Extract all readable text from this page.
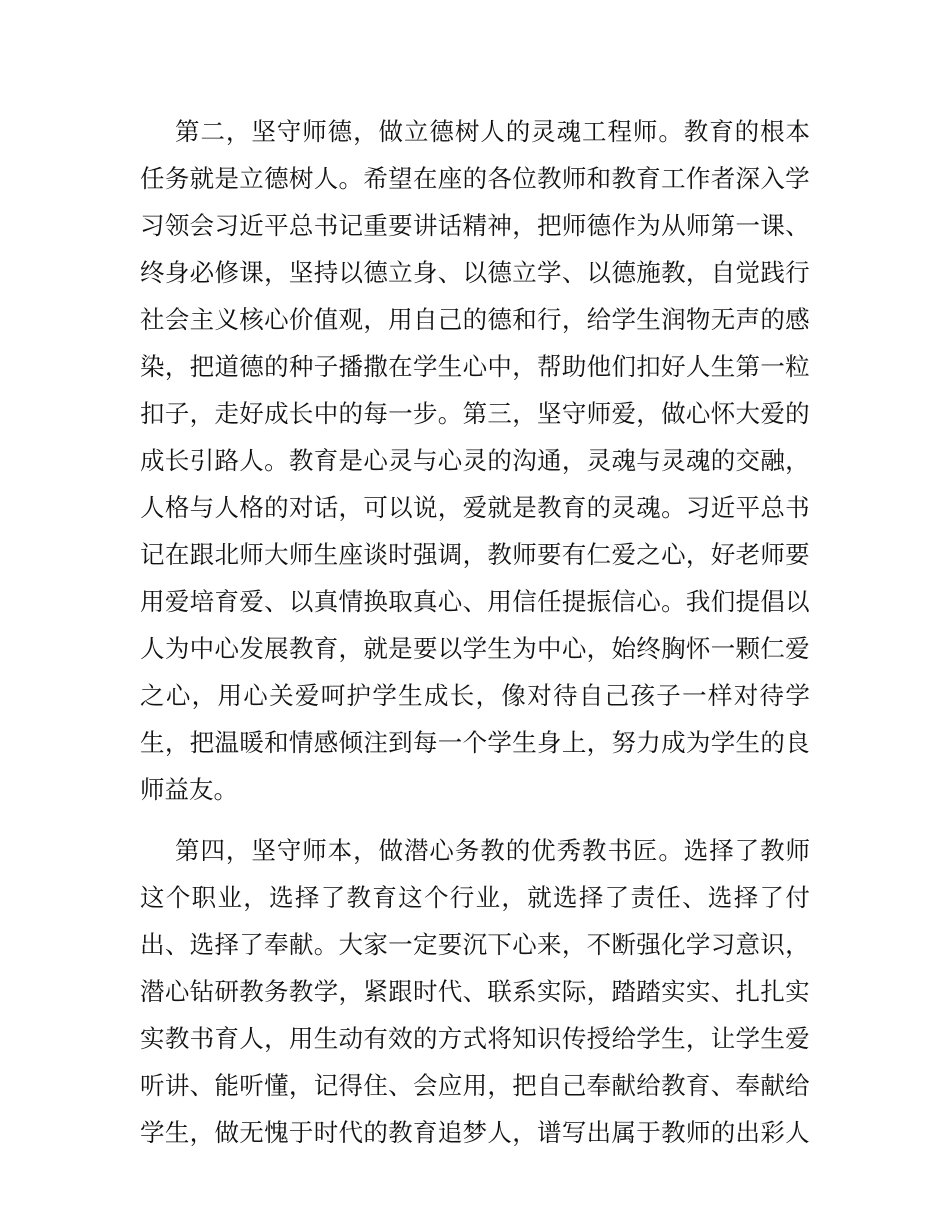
第 二 ， 坚 守 师 德 ， 做 立 德 树 人 的 灵 魂 工 程 师 。 教 育 的 根 本
任 务 就 是 立 德 树 人 。 希 望 在 座 的 各 位 教 师 和 教 育 工 作 者 深 入 学
习 领 会 习 近 平 总 书 记 重 要 讲 话 精 神 ， 把 师 德 作 为 从 师 第 一 课 、
终 身 必 修 课 ， 坚 持 以 德 立 身 、 以 德 立 学 、 以 德 施 教 ， 自 觉 践 行
社 会 主 义 核 心 价 值 观 ， 用 自 己 的 德 和 行 ， 给 学 生 润 物 无 声 的 感
染 ， 把 道 德 的 种 子 播 撒 在 学 生 心 中 ， 帮 助 他 们 扣 好 人 生 第 一 粒
扣 子 ， 走 好 成 长 中 的 每 一 步 。 第 三 ， 坚 守 师 爱 ， 做 心 怀 大 爱 的
成 长 引 路 人 。 教 育 是 心 灵 与 心 灵 的 沟 通 ， 灵 魂 与 灵 魂 的 交 融 ，
人 格 与 人 格 的 对 话 ， 可 以 说 ， 爱 就 是 教 育 的 灵 魂 。 习 近 平 总 书
记 在 跟 北 师 大 师 生 座 谈 时 强 调 ， 教 师 要 有 仁 爱 之 心 ， 好 老 师 要
用 爱 培 育 爱 、 以 真 情 换 取 真 心 、 用 信 任 提 振 信 心 。 我 们 提 倡 以
人 为 中 心 发 展 教 育 ， 就 是 要 以 学 生 为 中 心 ， 始 终 胸 怀 一 颗 仁 爱
之 心 ， 用 心 关 爱 呵 护 学 生 成 长 ， 像 对 待 自 己 孩 子 一 样 对 待 学
生 ， 把 温 暖 和 情 感 倾 注 到 每 一 个 学 生 身 上 ， 努 力 成 为 学 生 的 良
师益友。
第 四 ， 坚 守 师 本 ， 做 潜 心 务 教 的 优 秀 教 书 匠 。 选 择 了 教 师
这 个 职 业 ， 选 择 了 教 育 这 个 行 业 ， 就 选 择 了 责 任 、 选 择 了 付
出 、 选 择 了 奉 献 。 大 家 一 定 要 沉 下 心 来 ， 不 断 强 化 学 习 意 识 ，
潜 心 钻 研 教 务 教 学 ， 紧 跟 时 代 、 联 系 实 际 ， 踏 踏 实 实 、 扎 扎 实
实 教 书 育 人 ， 用 生 动 有 效 的 方 式 将 知 识 传 授 给 学 生 ， 让 学 生 爱
听 讲 、 能 听 懂 ， 记 得 住 、 会 应 用 ， 把 自 己 奉 献 给 教 育 、 奉 献 给
学 生 ， 做 无 愧 于 时 代 的 教 育 追 梦 人 ， 谱 写 出 属 于 教 师 的 出 彩 人
